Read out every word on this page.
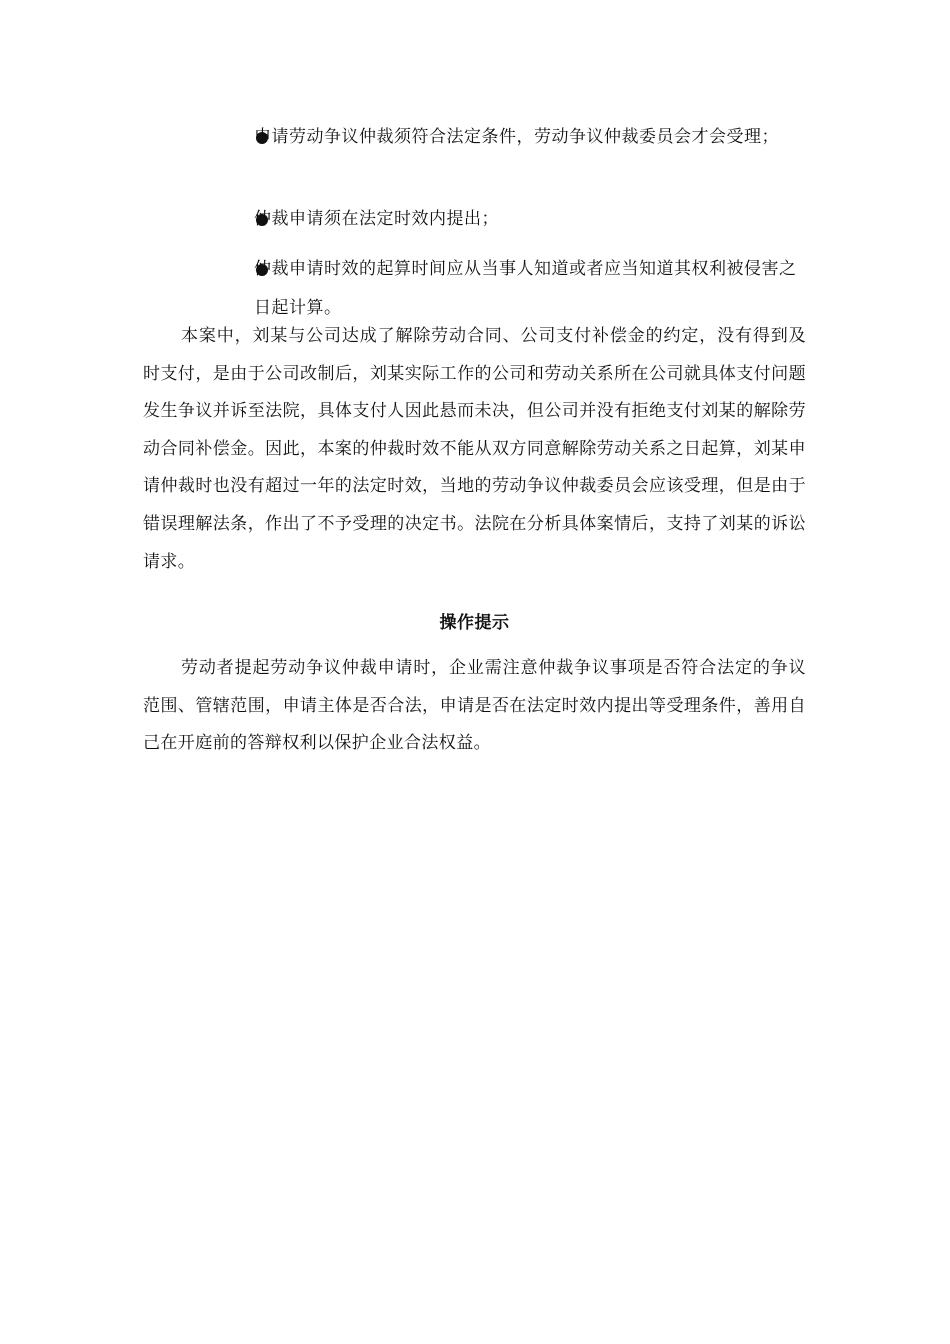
申请劳动争议仲裁须符合法定条件，劳动争议仲裁委员会才会受理；
仲裁申请须在法定时效内提出；
仲裁申请时效的起算时间应从当事人知道或者应当知道其权利被侵害之日起计算。

本案中，刘某与公司达成了解除劳动合同、公司支付补偿金的约定，没有得到及时支付，是由于公司改制后，刘某实际工作的公司和劳动关系所在公司就具体支付问题发生争议并诉至法院，具体支付人因此悬而未决，但公司并没有拒绝支付刘某的解除劳动合同补偿金。因此，本案的仲裁时效不能从双方同意解除劳动关系之日起算，刘某申请仲裁时也没有超过一年的法定时效，当地的劳动争议仲裁委员会应该受理，但是由于错误理解法条，作出了不予受理的决定书。法院在分析具体案情后，支持了刘某的诉讼请求。

操作提示

劳动者提起劳动争议仲裁申请时，企业需注意仲裁争议事项是否符合法定的争议范围、管辖范围，申请主体是否合法，申请是否在法定时效内提出等受理条件，善用自己在开庭前的答辩权利以保护企业合法权益。
